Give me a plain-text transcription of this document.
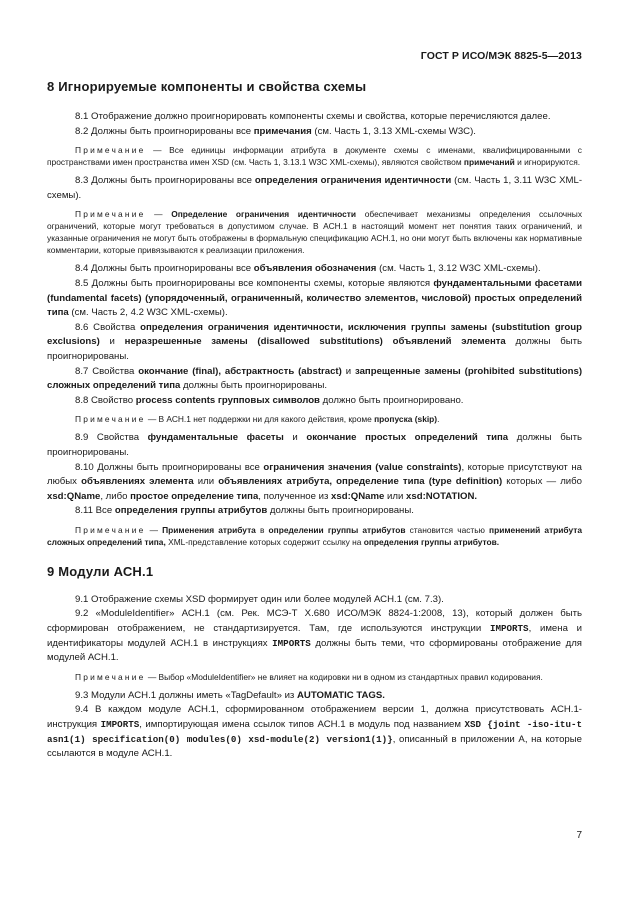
ГОСТ Р ИСО/МЭК 8825-5—2013
8 Игнорируемые компоненты и свойства схемы

8.1 Отображение должно проигнорировать компоненты схемы и свойства, которые перечисляются далее.

8.2 Должны быть проигнорированы все примечания (см. Часть 1, 3.13 XML-схемы W3C).

Примечание — Все единицы информации атрибута в документе схемы с именами, квалифицированными с пространствами имен пространства имен XSD (см. Часть 1, 3.13.1 W3C XML-схемы), являются свойством примечаний и игнорируются.

8.3 Должны быть проигнорированы все определения ограничения идентичности (см. Часть 1, 3.11 W3C XML-схемы).

Примечание — Определение ограничения идентичности обеспечивает механизмы определения ссылочных ограничений, которые могут требоваться в допустимом случае. В АСН.1 в настоящий момент нет понятия таких ограничений, и указанные ограничения не могут быть отображены в формальную спецификацию АСН.1, но они могут быть включены как нормативные комментарии, которые привязываются к реализации приложения.

8.4 Должны быть проигнорированы все объявления обозначения (см. Часть 1, 3.12 W3C XML-схемы).

8.5 Должны быть проигнорированы все компоненты схемы, которые являются фундаментальными фасетами (fundamental facets) (упорядоченный, ограниченный, количество элементов, числовой) простых определений типа (см. Часть 2, 4.2 W3C XML-схемы).

8.6 Свойства определения ограничения идентичности, исключения группы замены (substitution group exclusions) и неразрешенные замены (disallowed substitutions) объявлений элемента должны быть проигнорированы.

8.7 Свойства окончание (final), абстрактность (abstract) и запрещенные замены (prohibited substitutions) сложных определений типа должны быть проигнорированы.

8.8 Свойство process contents групповых символов должно быть проигнорировано.

Примечание — В АСН.1 нет поддержки ни для какого действия, кроме пропуска (skip).

8.9 Свойства фундаментальные фасеты и окончание простых определений типа должны быть проигнорированы.

8.10 Должны быть проигнорированы все ограничения значения (value constraints), которые присутствуют на любых объявлениях элемента или объявлениях атрибута, определение типа (type definition) которых — либо xsd:QName, либо простое определение типа, полученное из xsd:QName или xsd:NOTATION.

8.11 Все определения группы атрибутов должны быть проигнорированы.

Примечание — Применения атрибута в определении группы атрибутов становится частью применений атрибута сложных определений типа, XML-представление которых содержит ссылку на определения группы атрибутов.

9 Модули АСН.1

9.1 Отображение схемы XSD формирует один или более модулей АСН.1 (см. 7.3).

9.2 «ModuleIdentifier» АСН.1 (см. Рек. МСЭ-Т Х.680 ИСО/МЭК 8824-1:2008, 13), который должен быть сформирован отображением, не стандартизируется. Там, где используются инструкции IMPORTS, имена и идентификаторы модулей АСН.1 в инструкциях IMPORTS должны быть теми, что сформированы отображение для модулей АСН.1.

Примечание — Выбор «ModuleIdentifier» не влияет на кодировки ни в одном из стандартных правил кодирования.

9.3 Модули АСН.1 должны иметь «TagDefault» из AUTOMATIC TAGS.

9.4 В каждом модуле АСН.1, сформированном отображением версии 1, должна присутствовать АСН.1-инструкция IMPORTS, импортирующая имена ссылок типов АСН.1 в модуль под названием XSD {joint -iso-itu-t asn1(1) specification(0) modules(0) xsd-module(2) version1(1)}, описанный в приложении А, на которые ссылаются в модуле АСН.1.

7
